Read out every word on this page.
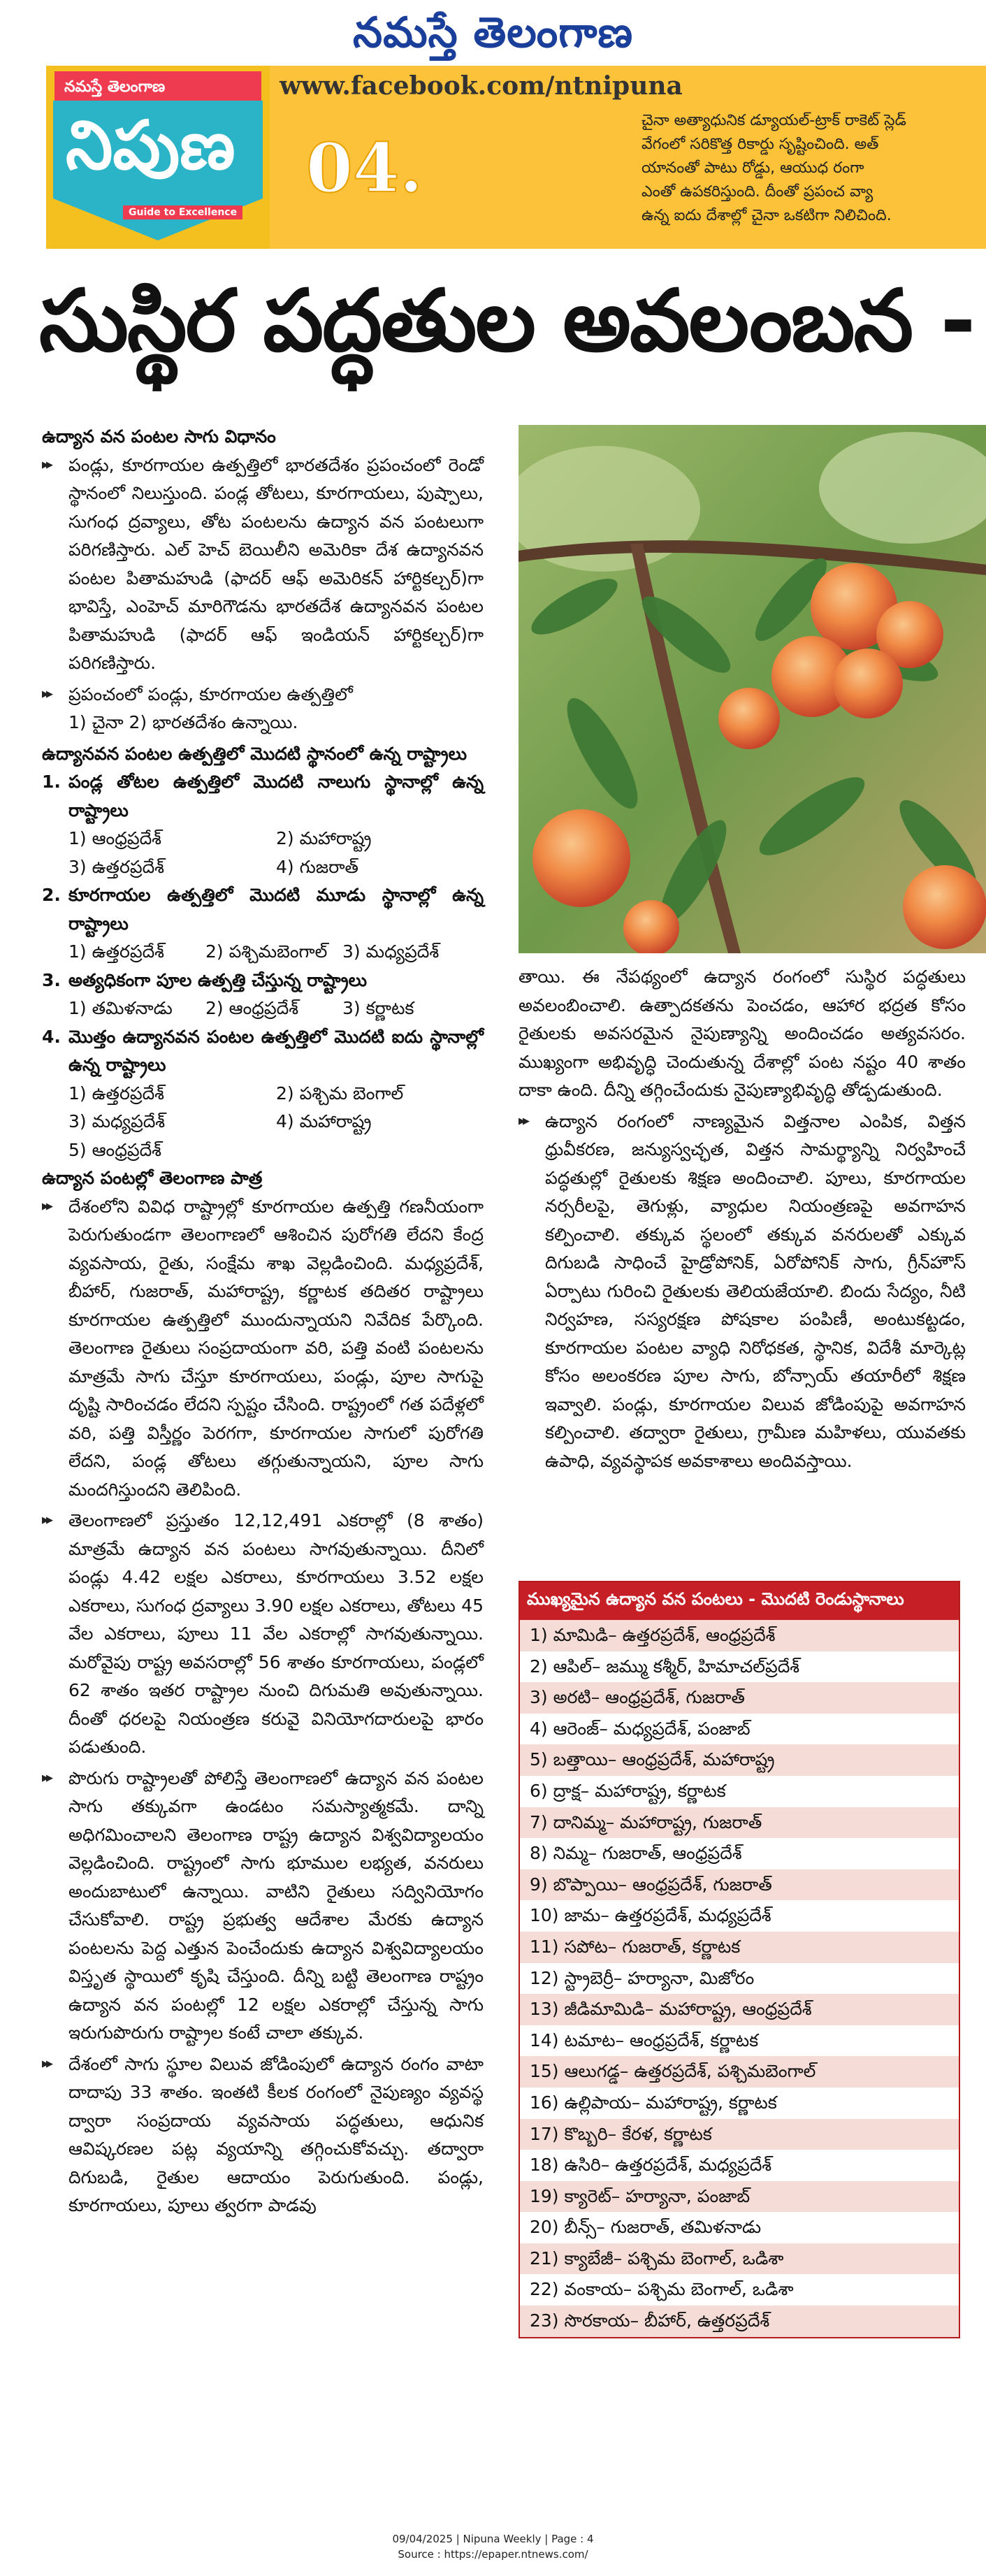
నమస్తే తెలంగాణ
నమస్తే తెలంగాణ
నిపుణ
Guide to Excellence
www.facebook.com/ntnipuna
04.

చైనా అత్యాధునిక డ్యూయల్‌-ట్రాక్‌ రాకెట్‌ స్లెడ్‌

వేగంలో సరికొత్త రికార్డు సృష్టించింది. అత్

యానంతో పాటు రోడ్డు, ఆయుధ రంగా

ఎంతో ఉపకరిస్తుంది. దీంతో ప్రపంచ వ్యా

ఉన్న ఐదు దేశాల్లో చైనా ఒకటిగా నిలిచింది.

సుస్థిర పద్ధతుల అవలంబన -

ఉద్యాన వన పంటల సాగు విధానం

▶▶ పండ్లు, కూరగాయల ఉత్పత్తిలో భారతదేశం ప్రపంచంలో రెండో స్థానంలో నిలుస్తుంది. పండ్ల తోటలు, కూరగాయలు, పుష్పాలు, సుగంధ ద్రవ్యాలు, తోట పంటలను ఉద్యాన వన పంటలుగా పరిగణిస్తారు. ఎల్‌ హెచ్‌ బెయిలీని అమెరికా దేశ ఉద్యానవన పంటల పితామహుడి (ఫాదర్‌ ఆఫ్‌ అమెరికన్‌ హార్టికల్చర్‌)గా భావిస్తే, ఎంహెచ్‌ మారిగౌడను భారతదేశ ఉద్యానవన పంటల పితామహుడి (ఫాదర్‌ ఆఫ్‌ ఇండియన్‌ హార్టికల్చర్‌)గా పరిగణిస్తారు.

▶▶ ప్రపంచంలో పండ్లు, కూరగాయల ఉత్పత్తిలో
1) చైనా 2) భారతదేశం ఉన్నాయి.

ఉద్యానవన పంటల ఉత్పత్తిలో మొదటి స్థానంలో ఉన్న రాష్ట్రాలు

1. పండ్ల తోటల ఉత్పత్తిలో మొదటి నాలుగు స్థానాల్లో ఉన్న రాష్ట్రాలు
1) ఆంధ్రప్రదేశ్‌	2) మహారాష్ట్ర
3) ఉత్తరప్రదేశ్‌	4) గుజరాత్‌
2. కూరగాయల ఉత్పత్తిలో మొదటి మూడు స్థానాల్లో ఉన్న రాష్ట్రాలు
1) ఉత్తరప్రదేశ్‌	2) పశ్చిమబెంగాల్‌ 3) మధ్యప్రదేశ్‌
3. అత్యధికంగా పూల ఉత్పత్తి చేస్తున్న రాష్ట్రాలు
1) తమిళనాడు	2) ఆంధ్రప్రదేశ్‌	3) కర్ణాటక
4. మొత్తం ఉద్యానవన పంటల ఉత్పత్తిలో మొదటి ఐదు స్థానాల్లో ఉన్న రాష్ట్రాలు
1) ఉత్తరప్రదేశ్‌	2) పశ్చిమ బెంగాల్‌
3) మధ్యప్రదేశ్‌	4) మహారాష్ట్ర
5) ఆంధ్రప్రదేశ్‌

ఉద్యాన పంటల్లో తెలంగాణ పాత్ర

▶▶ దేశంలోని వివిధ రాష్ట్రాల్లో కూరగాయల ఉత్పత్తి గణనీయంగా పెరుగుతుండగా తెలంగాణలో ఆశించిన పురోగతి లేదని కేంద్ర వ్యవసాయ, రైతు, సంక్షేమ శాఖ వెల్లడించింది. మధ్యప్రదేశ్‌, బీహార్‌, గుజరాత్‌, మహారాష్ట్ర, కర్ణాటక తదితర రాష్ట్రాలు కూరగాయల ఉత్పత్తిలో ముందున్నాయని నివేదిక పేర్కొంది. తెలంగాణ రైతులు సంప్రదాయంగా వరి, పత్తి వంటి పంటలను మాత్రమే సాగు చేస్తూ కూరగాయలు, పండ్లు, పూల సాగుపై దృష్టి సారించడం లేదని స్పష్టం చేసింది. రాష్ట్రంలో గత పదేళ్లలో వరి, పత్తి విస్తీర్ణం పెరగగా, కూరగాయల సాగులో పురోగతి లేదని, పండ్ల తోటలు తగ్గుతున్నాయని, పూల సాగు మందగిస్తుందని తెలిపింది.

▶▶ తెలంగాణలో ప్రస్తుతం 12,12,491 ఎకరాల్లో (8 శాతం) మాత్రమే ఉద్యాన వన పంటలు సాగవుతున్నాయి. దీనిలో పండ్లు 4.42 లక్షల ఎకరాలు, కూరగాయలు 3.52 లక్షల ఎకరాలు, సుగంధ ద్రవ్యాలు 3.90 లక్షల ఎకరాలు, తోటలు 45 వేల ఎకరాలు, పూలు 11 వేల ఎకరాల్లో సాగవుతున్నాయి. మరోవైపు రాష్ట్ర అవసరాల్లో 56 శాతం కూరగాయలు, పండ్లలో 62 శాతం ఇతర రాష్ట్రాల నుంచి దిగుమతి అవుతున్నాయి. దీంతో ధరలపై నియంత్రణ కరువై వినియోగదారులపై భారం పడుతుంది.

▶▶ పొరుగు రాష్ట్రాలతో పోలిస్తే తెలంగాణలో ఉద్యాన వన పంటల సాగు తక్కువగా ఉండటం సమస్యాత్మకమే. దాన్ని అధిగమించాలని తెలంగాణ రాష్ట్ర ఉద్యాన విశ్వవిద్యాలయం వెల్లడించింది. రాష్ట్రంలో సాగు భూముల లభ్యత, వనరులు అందుబాటులో ఉన్నాయి. వాటిని రైతులు సద్వినియోగం చేసుకోవాలి. రాష్ట్ర ప్రభుత్వ ఆదేశాల మేరకు ఉద్యాన పంటలను పెద్ద ఎత్తున పెంచేందుకు ఉద్యాన విశ్వవిద్యాలయం విస్తృత స్థాయిలో కృషి చేస్తుంది. దీన్ని బట్టి తెలంగాణ రాష్ట్రం ఉద్యాన వన పంటల్లో 12 లక్షల ఎకరాల్లో చేస్తున్న సాగు ఇరుగుపొరుగు రాష్ట్రాల కంటే చాలా తక్కువ.

▶▶ దేశంలో సాగు స్థూల విలువ జోడింపులో ఉద్యాన రంగం వాటా దాదాపు 33 శాతం. ఇంతటి కీలక రంగంలో నైపుణ్యం వ్యవస్థ ద్వారా సంప్రదాయ వ్యవసాయ పద్ధతులు, ఆధునిక ఆవిష్కరణల పట్ల వ్యయాన్ని తగ్గించుకోవచ్చు. తద్వారా దిగుబడి, రైతుల ఆదాయం పెరుగుతుంది. పండ్లు, కూరగాయలు, పూలు త్వరగా పాడవు

తాయి. ఈ నేపథ్యంలో ఉద్యాన రంగంలో సుస్థిర పద్ధతులు అవలంబించాలి. ఉత్పాదకతను పెంచడం, ఆహార భద్రత కోసం రైతులకు అవసరమైన నైపుణ్యాన్ని అందించడం అత్యవసరం. ముఖ్యంగా అభివృద్ధి చెందుతున్న దేశాల్లో పంట నష్టం 40 శాతం దాకా ఉంది. దీన్ని తగ్గించేందుకు నైపుణ్యాభివృద్ధి తోడ్పడుతుంది.

▶▶ ఉద్యాన రంగంలో నాణ్యమైన విత్తనాల ఎంపిక, విత్తన ధ్రువీకరణ, జన్యుస్వచ్ఛత, విత్తన సామర్థ్యాన్ని నిర్వహించే పద్ధతుల్లో రైతులకు శిక్షణ అందించాలి. పూలు, కూరగాయల నర్సరీలపై, తెగుళ్లు, వ్యాధుల నియంత్రణపై అవగాహన కల్పించాలి. తక్కువ స్థలంలో తక్కువ వనరులతో ఎక్కువ దిగుబడి సాధించే హైడ్రోపోనిక్‌, ఏరోపోనిక్‌ సాగు, గ్రీన్‌హౌస్‌ ఏర్పాటు గురించి రైతులకు తెలియజేయాలి. బిందు సేద్యం, నీటి నిర్వహణ, సస్యరక్షణ పోషకాల పంపిణీ, అంటుకట్టడం, కూరగాయల పంటల వ్యాధి నిరోధకత, స్థానిక, విదేశీ మార్కెట్ల కోసం అలంకరణ పూల సాగు, బోన్సాయ్‌ తయారీలో శిక్షణ ఇవ్వాలి. పండ్లు, కూరగాయల విలువ జోడింపుపై అవగాహన కల్పించాలి. తద్వారా రైతులు, గ్రామీణ మహిళలు, యువతకు ఉపాధి, వ్యవస్థాపక అవకాశాలు అందివస్తాయి.

ముఖ్యమైన ఉద్యాన వన పంటలు - మొదటి రెండుస్థానాలు
1) మామిడి– ఉత్తరప్రదేశ్‌, ఆంధ్రప్రదేశ్‌
2) ఆపిల్‌– జమ్ము కశ్మీర్‌, హిమాచల్‌ప్రదేశ్‌
3) అరటి– ఆంధ్రప్రదేశ్‌, గుజరాత్‌
4) ఆరెంజ్‌– మధ్యప్రదేశ్‌, పంజాబ్‌
5) బత్తాయి– ఆంధ్రప్రదేశ్‌, మహారాష్ట్ర
6) ద్రాక్ష– మహారాష్ట్ర, కర్ణాటక
7) దానిమ్మ– మహారాష్ట్ర, గుజరాత్‌
8) నిమ్మ– గుజరాత్‌, ఆంధ్రప్రదేశ్‌
9) బొప్పాయి– ఆంధ్రప్రదేశ్‌, గుజరాత్‌
10) జామ– ఉత్తరప్రదేశ్‌, మధ్యప్రదేశ్‌
11) సపోట– గుజరాత్‌, కర్ణాటక
12) స్ట్రాబెర్రీ– హర్యానా, మిజోరం
13) జీడిమామిడి– మహారాష్ట్ర, ఆంధ్రప్రదేశ్‌
14) టమాట– ఆంధ్రప్రదేశ్‌, కర్ణాటక
15) ఆలుగడ్డ– ఉత్తరప్రదేశ్‌, పశ్చిమబెంగాల్‌
16) ఉల్లిపాయ– మహారాష్ట్ర, కర్ణాటక
17) కొబ్బరి– కేరళ, కర్ణాటక
18) ఉసిరి– ఉత్తరప్రదేశ్‌, మధ్యప్రదేశ్‌
19) క్యారెట్‌– హర్యానా, పంజాబ్‌
20) బీన్స్‌– గుజరాత్‌, తమిళనాడు
21) క్యాబేజీ– పశ్చిమ బెంగాల్‌, ఒడిశా
22) వంకాయ– పశ్చిమ బెంగాల్‌, ఒడిశా
23) సొరకాయ– బీహార్‌, ఉత్తరప్రదేశ్‌
09/04/2025 | Nipuna Weekly | Page : 4
Source : https://epaper.ntnews.com/
